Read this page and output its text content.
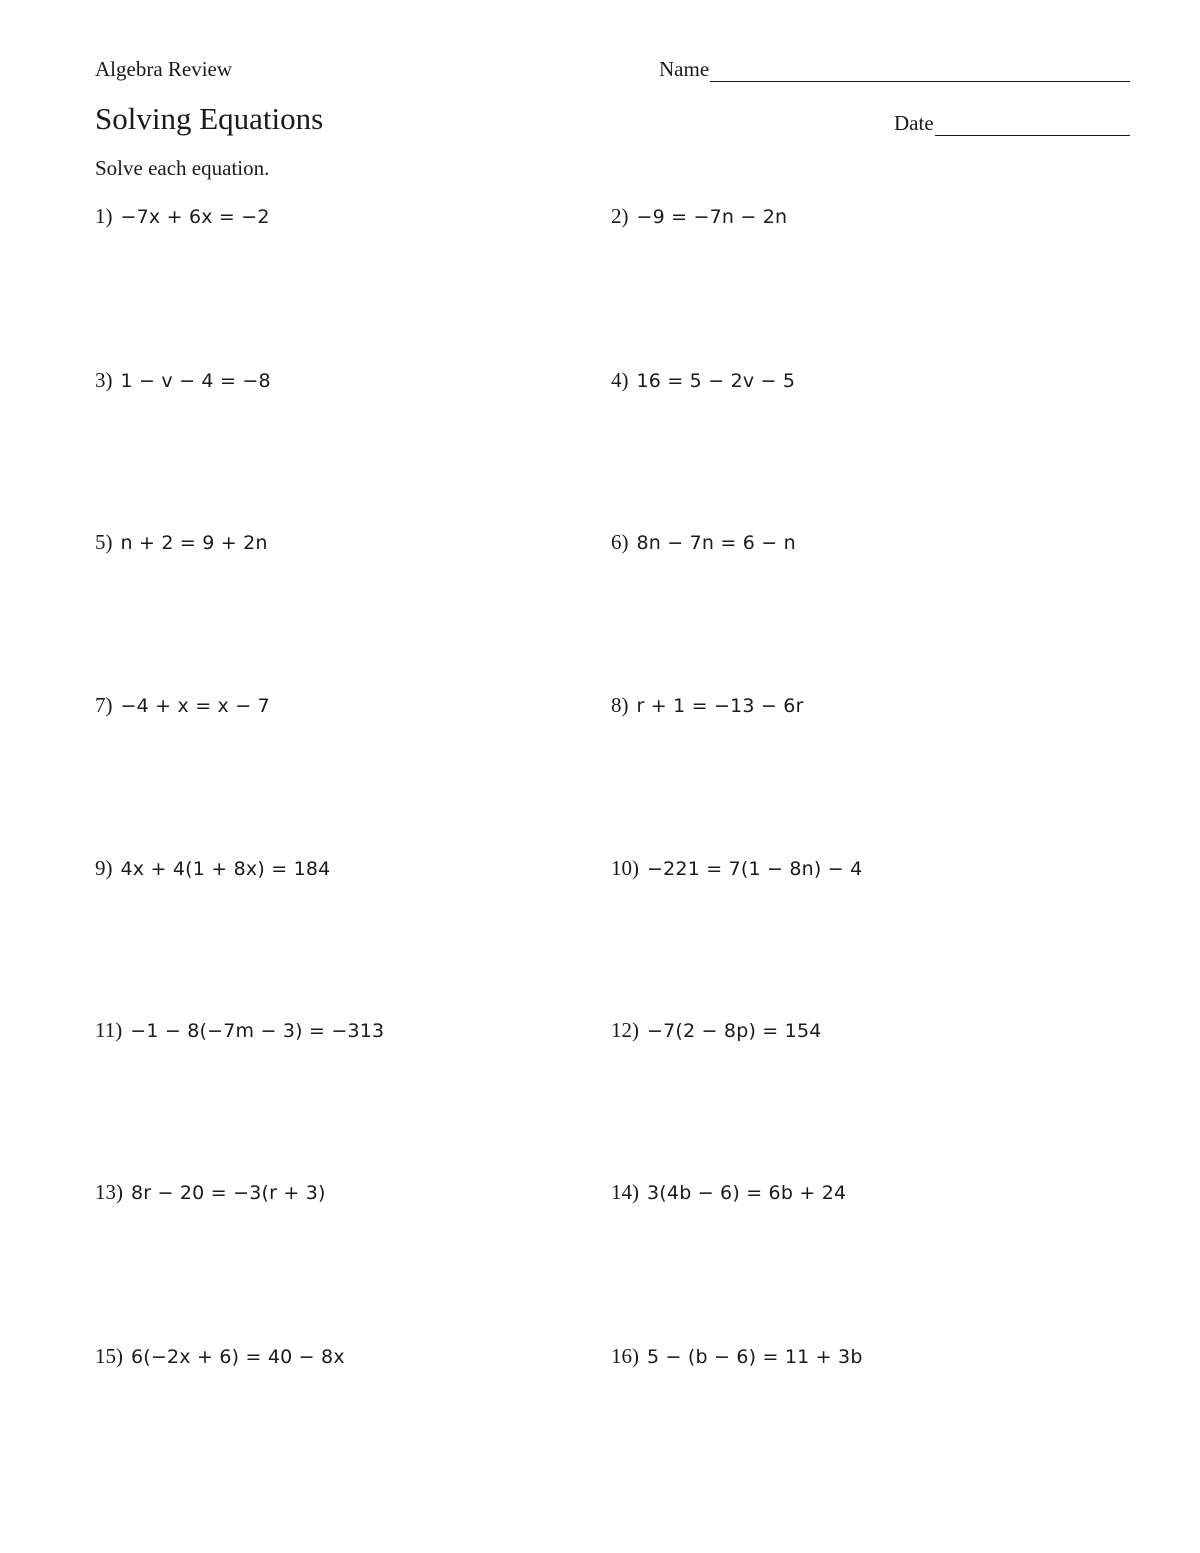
Algebra Review	Name
Solving Equations	Date
Solve each equation.
1) −7x + 6x = −2	2) −9 = −7n − 2n
3) 1 − v − 4 = −8	4) 16 = 5 − 2v − 5
5) n + 2 = 9 + 2n	6) 8n − 7n = 6 − n
7) −4 + x = x − 7	8) r + 1 = −13 − 6r
9) 4x + 4(1 + 8x) = 184	10) −221 = 7(1 − 8n) − 4
11) −1 − 8(−7m − 3) = −313	12) −7(2 − 8p) = 154
13) 8r − 20 = −3(r + 3)	14) 3(4b − 6) = 6b + 24
15) 6(−2x + 6) = 40 − 8x	16) 5 − (b − 6) = 11 + 3b
